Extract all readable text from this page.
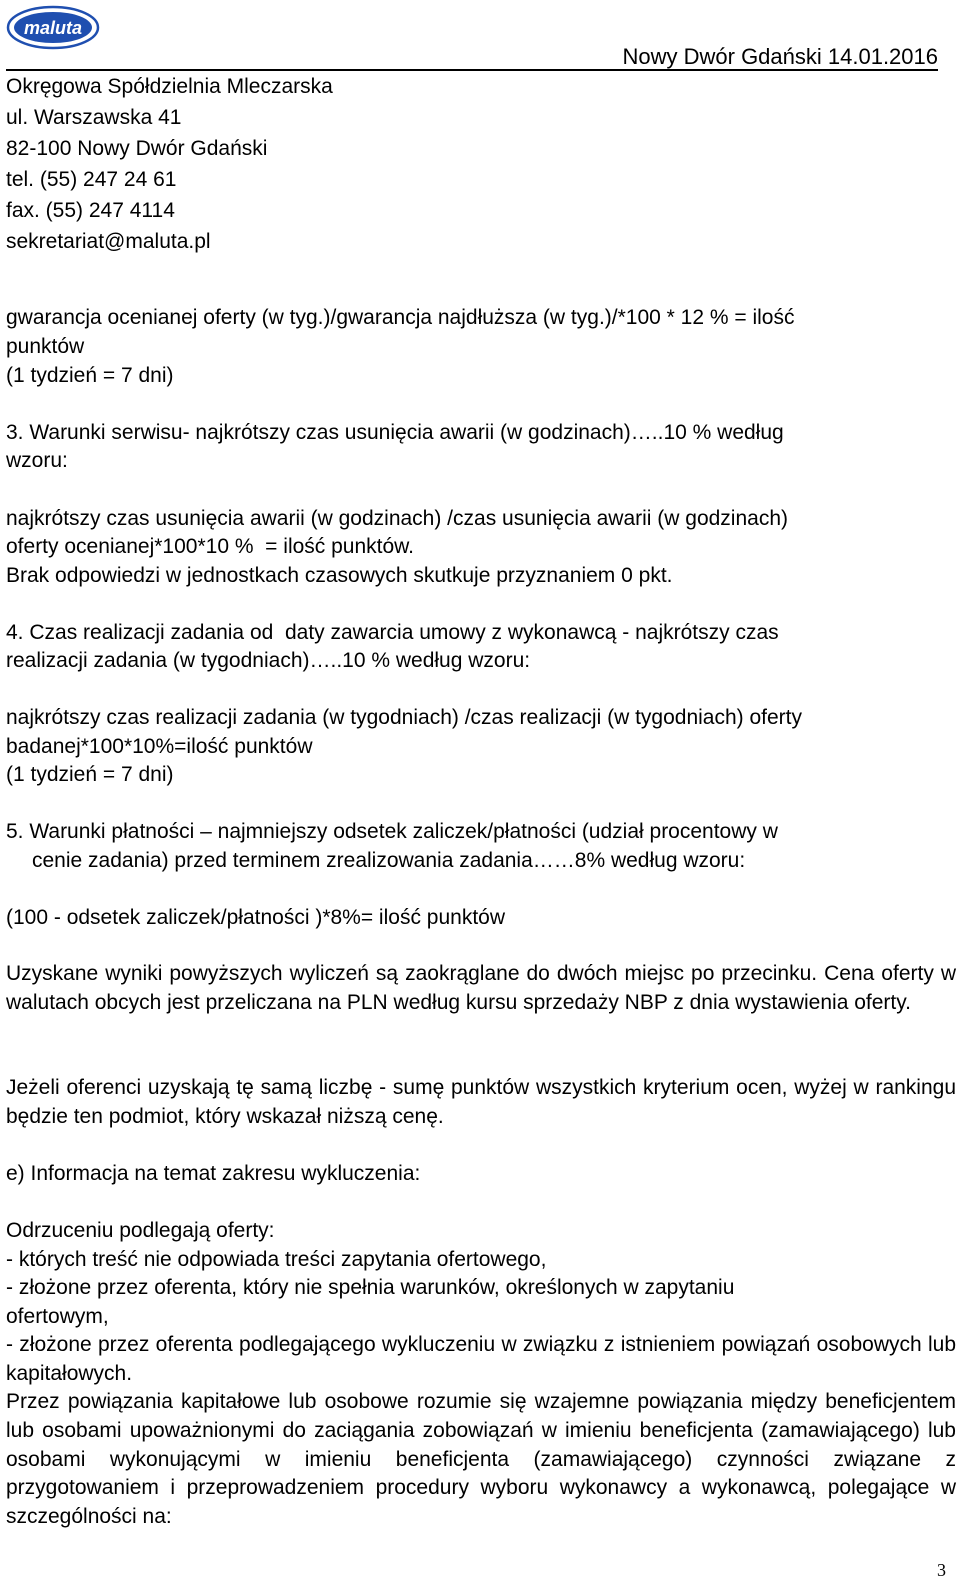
maluta
Nowy Dwór Gdański 14.01.2016
Okręgowa Spółdzielnia Mleczarska
ul. Warszawska 41
82-100 Nowy Dwór Gdański
tel. (55) 247 24 61
fax. (55) 247 4114
sekretariat@maluta.pl
gwarancja ocenianej oferty (w tyg.)/gwarancja najdłuższa (w tyg.)/*100 * 12 % = ilość
punktów
(1 tydzień = 7 dni)
3. Warunki serwisu- najkrótszy czas usunięcia awarii (w godzinach)…..10 % według
wzoru:
najkrótszy czas usunięcia awarii (w godzinach) /czas usunięcia awarii (w godzinach)
oferty ocenianej*100*10 %  = ilość punktów.
Brak odpowiedzi w jednostkach czasowych skutkuje przyznaniem 0 pkt.
4. Czas realizacji zadania od  daty zawarcia umowy z wykonawcą - najkrótszy czas
realizacji zadania (w tygodniach)…..10 % według wzoru:
najkrótszy czas realizacji zadania (w tygodniach) /czas realizacji (w tygodniach) oferty
badanej*100*10%=ilość punktów
(1 tydzień = 7 dni)
5. Warunki płatności – najmniejszy odsetek zaliczek/płatności (udział procentowy w
cenie zadania) przed terminem zrealizowania zadania……8% według wzoru:
(100 - odsetek zaliczek/płatności )*8%= ilość punktów
Uzyskane wyniki powyższych wyliczeń są zaokrąglane do dwóch miejsc po przecinku. Cena oferty w walutach obcych jest przeliczana na PLN według kursu sprzedaży NBP z dnia wystawienia oferty.
Jeżeli oferenci uzyskają tę samą liczbę - sumę punktów wszystkich kryterium ocen, wyżej w rankingu będzie ten podmiot, który wskazał niższą cenę.
e) Informacja na temat zakresu wykluczenia:
Odrzuceniu podlegają oferty:
- których treść nie odpowiada treści zapytania ofertowego,
- złożone przez oferenta, który nie spełnia warunków, określonych w zapytaniu
ofertowym,
- złożone przez oferenta podlegającego wykluczeniu w związku z istnieniem powiązań osobowych lub kapitałowych.
Przez powiązania kapitałowe lub osobowe rozumie się wzajemne powiązania między beneficjentem lub osobami upoważnionymi do zaciągania zobowiązań w imieniu beneficjenta (zamawiającego) lub osobami wykonującymi w imieniu beneficjenta (zamawiającego) czynności związane z przygotowaniem i przeprowadzeniem procedury wyboru wykonawcy a wykonawcą, polegające w szczególności na:
3
